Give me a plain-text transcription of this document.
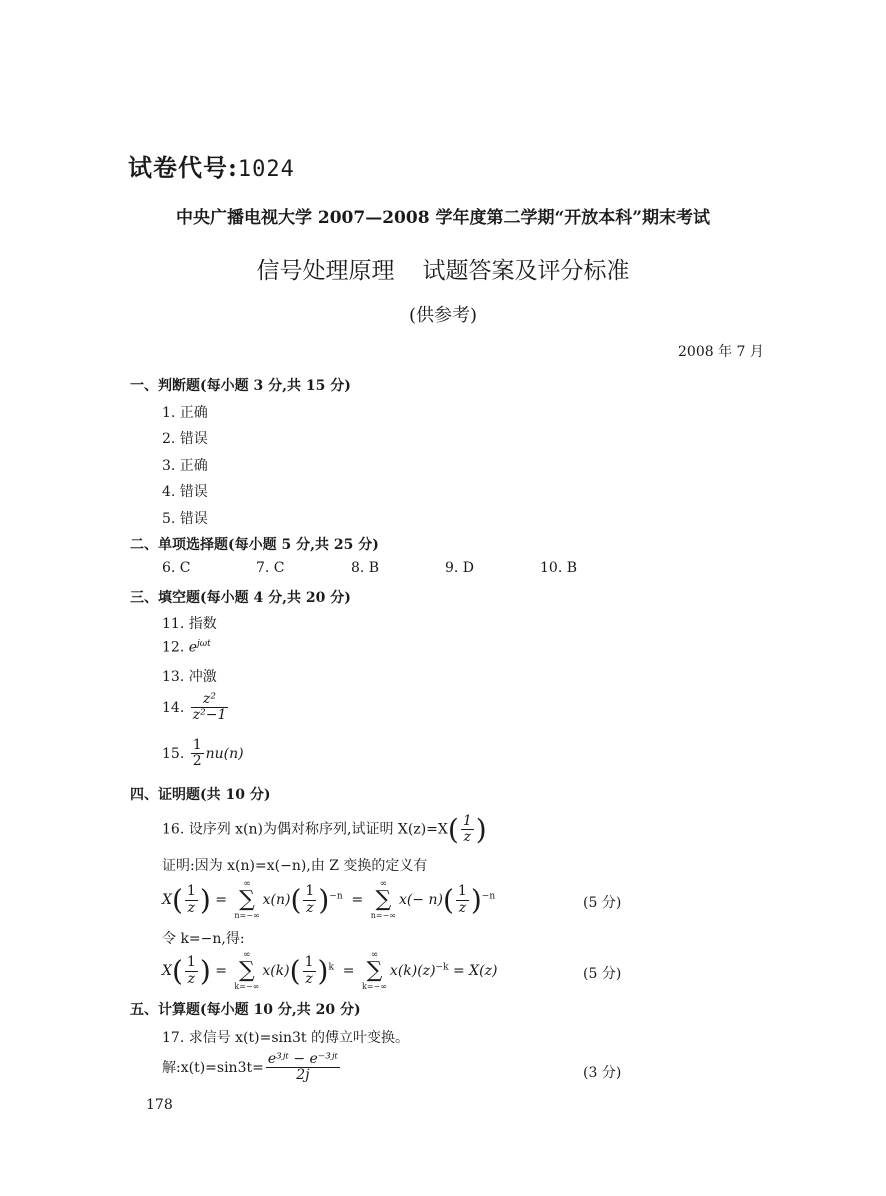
试卷代号:1024
中央广播电视大学 2007—2008 学年度第二学期“开放本科”期末考试
信号处理原理 试题答案及评分标准
(供参考)
2008 年 7 月
一、判断题(每小题 3 分,共 15 分)
1. 正确
2. 错误
3. 正确
4. 错误
5. 错误
二、单项选择题(每小题 5 分,共 25 分)
6. C	7. C	8. B	9. D	10. B
三、填空题(每小题 4 分,共 20 分)
11. 指数
12. $e^{j\omega t}$
13. 冲激
14. $\frac{\text{z²}}{\text{z²−1}}$
15. $\frac{1}{2} nu(n)$
四、证明题(共 10 分)
16. 设序列 x(n)为偶对称序列,试证明 $X(z)=X( \frac{1}{z}$ )
证明:因为 x(n)=x(−n),由 Z 变换的定义有
$X( \frac{1}{z}$ ) =
∞
∑
n=−∞
$x(n)( \frac{1}{z} )^{-n}$  =
∞
∑
n=−∞
$x(- n)( \frac{1}{z} )^{-n}$	(5 分)
令 k=−n,得:
$X( \frac{1}{z}$ ) =
∞
∑
k=−∞
$x(k)( \frac{1}{z} )^k$  =
∞
∑
k=−∞
$x(k)(z)^{-k} = X(z)$	(5 分)
五、计算题(每小题 10 分,共 20 分)
17. 求信号 x(t)=sin3t 的傅立叶变换。
解:x(t)=sin3t= $\frac{\text{e³ʲᵗ − e⁻³ʲᵗ}}{2j}$	(3 分)
178
